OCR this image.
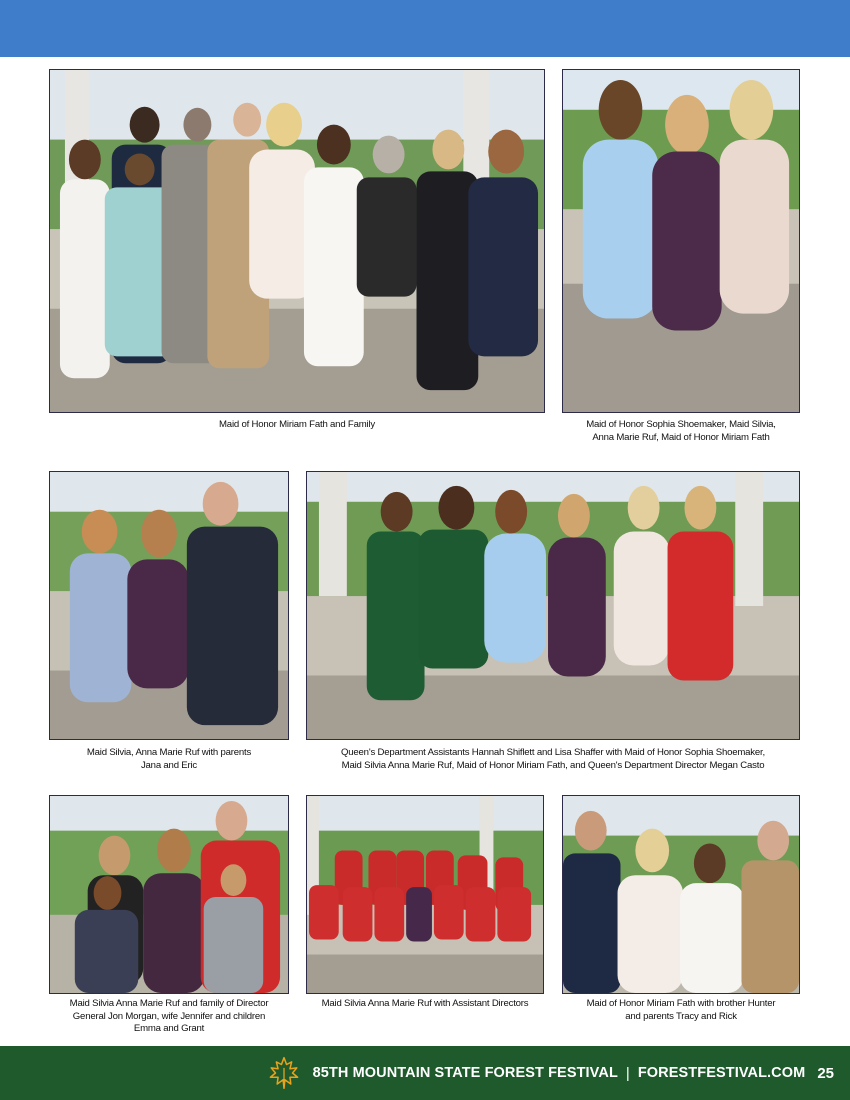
Maid of Honor Miriam Fath and Family	Maid of Honor Sophia Shoemaker, Maid Silvia,
Anna Marie Ruf, Maid of Honor Miriam Fath
Maid Silvia, Anna Marie Ruf with parents
Jana and Eric
Queen's Department Assistants Hannah Shiflett and Lisa Shaffer with Maid of Honor Sophia Shoemaker,
Maid Silvia Anna Marie Ruf, Maid of Honor Miriam Fath, and Queen's Department Director Megan Casto
Maid Silvia Anna Marie Ruf and family of Director
General Jon Morgan, wife Jennifer and children
Emma and Grant
Maid Silvia Anna Marie Ruf with Assistant Directors	Maid of Honor Miriam Fath with brother Hunter
and parents Tracy and Rick
85TH MOUNTAIN STATE FOREST FESTIVAL | FORESTFESTIVAL.COM 25
